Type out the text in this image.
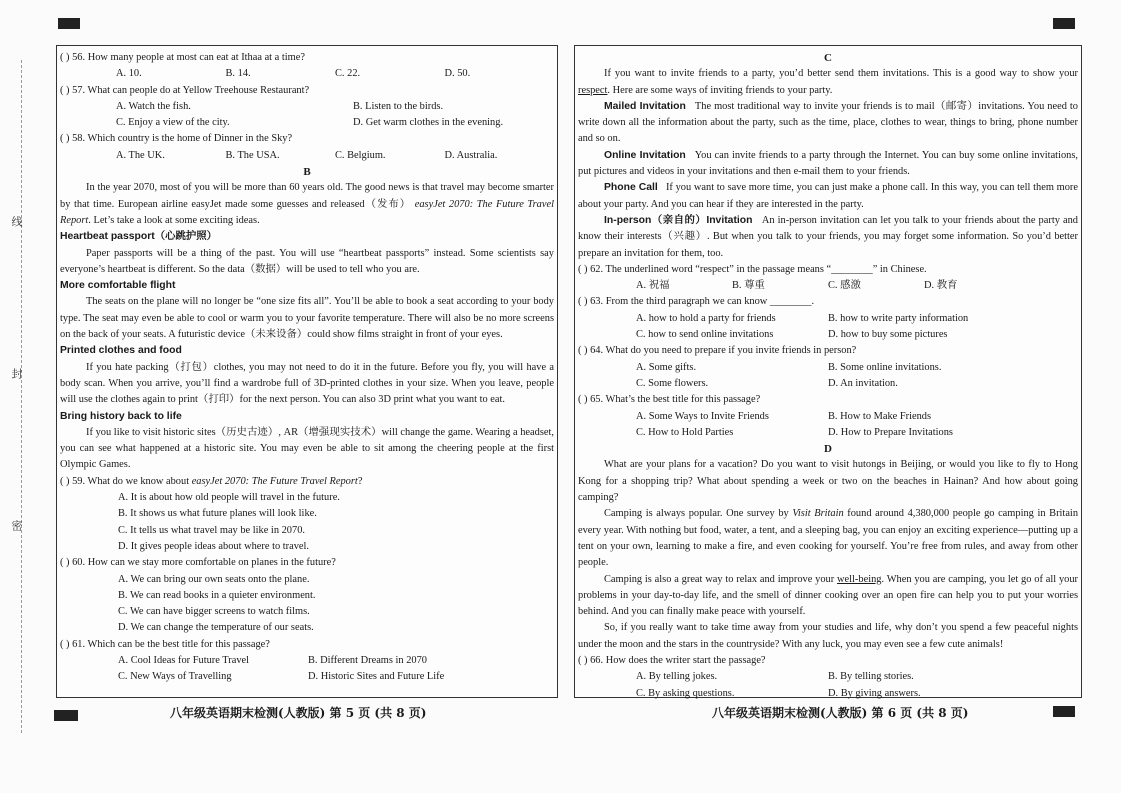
线
封
密

( ) 56. How many people at most can eat at Ithaa at a time?

A. 10.	B. 14.	C. 22.	D. 50.

( ) 57. What can people do at Yellow Treehouse Restaurant?

A. Watch the fish.	B. Listen to the birds.
C. Enjoy a view of the city.	D. Get warm clothes in the evening.

( ) 58. Which country is the home of Dinner in the Sky?

A. The UK.	B. The USA.	C. Belgium.	D. Australia.

B

In the year 2070, most of you will be more than 60 years old. The good news is that travel may become smarter by that time. European airline easyJet made some guesses and released（发布） easyJet 2070: The Future Travel Report. Let’s take a look at some exciting ideas.

Heartbeat passport（心跳护照）

Paper passports will be a thing of the past. You will use “heartbeat passports” instead. Some scientists say everyone’s heartbeat is different. So the data（数据）will be used to tell who you are.

More comfortable flight

The seats on the plane will no longer be “one size fits all”. You’ll be able to book a seat according to your body type. The seat may even be able to cool or warm you to your favorite temperature. There will also be no more screens on the back of your seats. A futuristic device（未来设备）could show films straight in front of your eyes.

Printed clothes and food

If you hate packing（打包）clothes, you may not need to do it in the future. Before you fly, you will have a body scan. When you arrive, you’ll find a wardrobe full of 3D-printed clothes in your size. When you leave, people will use the clothes again to print（打印）for the next person. You can also 3D print what you want to eat.

Bring history back to life

If you like to visit historic sites（历史古迹）, AR（增强现实技术）will change the game. Wearing a headset, you can see what happened at a historic site. You may even be able to sit among the cheering people at the first Olympic Games.

( ) 59. What do we know about easyJet 2070: The Future Travel Report?

A. It is about how old people will travel in the future.

B. It shows us what future planes will look like.

C. It tells us what travel may be like in 2070.

D. It gives people ideas about where to travel.

( ) 60. How can we stay more comfortable on planes in the future?

A. We can bring our own seats onto the plane.

B. We can read books in a quieter environment.

C. We can have bigger screens to watch films.

D. We can change the temperature of our seats.

( ) 61. Which can be the best title for this passage?

A. Cool Ideas for Future Travel	B. Different Dreams in 2070
C. New Ways of Travelling	D. Historic Sites and Future Life

C

If you want to invite friends to a party, you’d better send them invitations. This is a good way to show your respect. Here are some ways of inviting friends to your party.

Mailed Invitation The most traditional way to invite your friends is to mail（邮寄）invitations. You need to write down all the information about the party, such as the time, place, clothes to wear, things to bring, phone number and so on.

Online Invitation You can invite friends to a party through the Internet. You can buy some online invitations, put pictures and videos in your invitations and then e-mail them to your friends.

Phone Call If you want to save more time, you can just make a phone call. In this way, you can tell them more about your party. And you can hear if they are interested in the party.

In-person（亲自的）Invitation An in-person invitation can let you talk to your friends about the party and know their interests（兴趣）. But when you talk to your friends, you may forget some information. So you’d better prepare an invitation for them, too.

( ) 62. The underlined word “respect” in the passage means “________” in Chinese.

A. 祝福	B. 尊重	C. 感激	D. 教育

( ) 63. From the third paragraph we can know ________.

A. how to hold a party for friends	B. how to write party information
C. how to send online invitations	D. how to buy some pictures

( ) 64. What do you need to prepare if you invite friends in person?

A. Some gifts.	B. Some online invitations.
C. Some flowers.	D. An invitation.

( ) 65. What’s the best title for this passage?

A. Some Ways to Invite Friends	B. How to Make Friends
C. How to Hold Parties	D. How to Prepare Invitations

D

What are your plans for a vacation? Do you want to visit hutongs in Beijing, or would you like to fly to Hong Kong for a shopping trip? What about spending a week or two on the beaches in Hainan? And how about going camping?

Camping is always popular. One survey by Visit Britain found around 4,380,000 people go camping in Britain every year. With nothing but food, water, a tent, and a sleeping bag, you can enjoy an exciting experience—putting up a tent on your own, learning to make a fire, and even cooking for yourself. You’re free from rules, and away from other people.

Camping is also a great way to relax and improve your well-being. When you are camping, you let go of all your problems in your day-to-day life, and the smell of dinner cooking over an open fire can help you to put your worries behind. And you can finally make peace with yourself.

So, if you really want to take time away from your studies and life, why don’t you spend a few peaceful nights under the moon and the stars in the countryside? With any luck, you may even see a few cute animals!

( ) 66. How does the writer start the passage?

A. By telling jokes.	B. By telling stories.
C. By asking questions.	D. By giving answers.
八年级英语期末检测(人教版) 第 5 页 (共 8 页)	八年级英语期末检测(人教版) 第 6 页 (共 8 页)
